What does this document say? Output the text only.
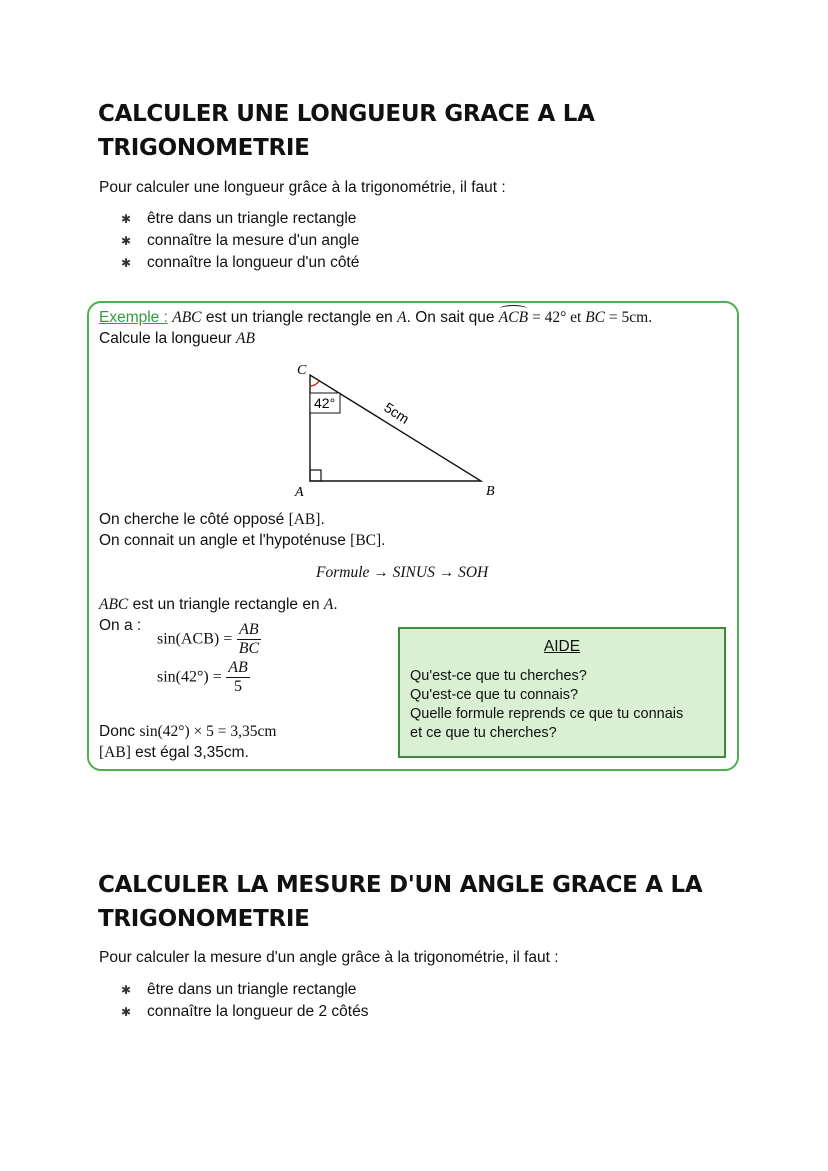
CALCULER UNE LONGUEUR GRACE A LA
TRIGONOMETRIE
Pour calculer une longueur grâce à la trigonométrie, il faut :
✱ être dans un triangle rectangle
✱ connaître la mesure d'un angle
✱ connaître la longueur d'un côté
Exemple : ABC est un triangle rectangle en A. On sait que
ACB = 42° et BC = 5cm.
Calcule la longueur AB
42°
C
A	B
5cm
On cherche le côté opposé [AB].
On connait un angle et l'hypoténuse [BC].
Formule → SINUS → SOH
ABC est un triangle rectangle en A.
On a :
$\sin(ACB) = \frac{AB}{BC}$
$\sin(42^\circ) = \frac{AB}{5}$
Donc sin(42°) × 5 = 3,35cm
[AB] est égal 3,35cm.
AIDE
Qu'est-ce que tu cherches?
Qu'est-ce que tu connais?
Quelle formule reprends ce que tu connais
et ce que tu cherches?
CALCULER LA MESURE D'UN ANGLE GRACE A LA
TRIGONOMETRIE
Pour calculer la mesure d'un angle grâce à la trigonométrie, il faut :
✱ être dans un triangle rectangle
✱ connaître la longueur de 2 côtés
